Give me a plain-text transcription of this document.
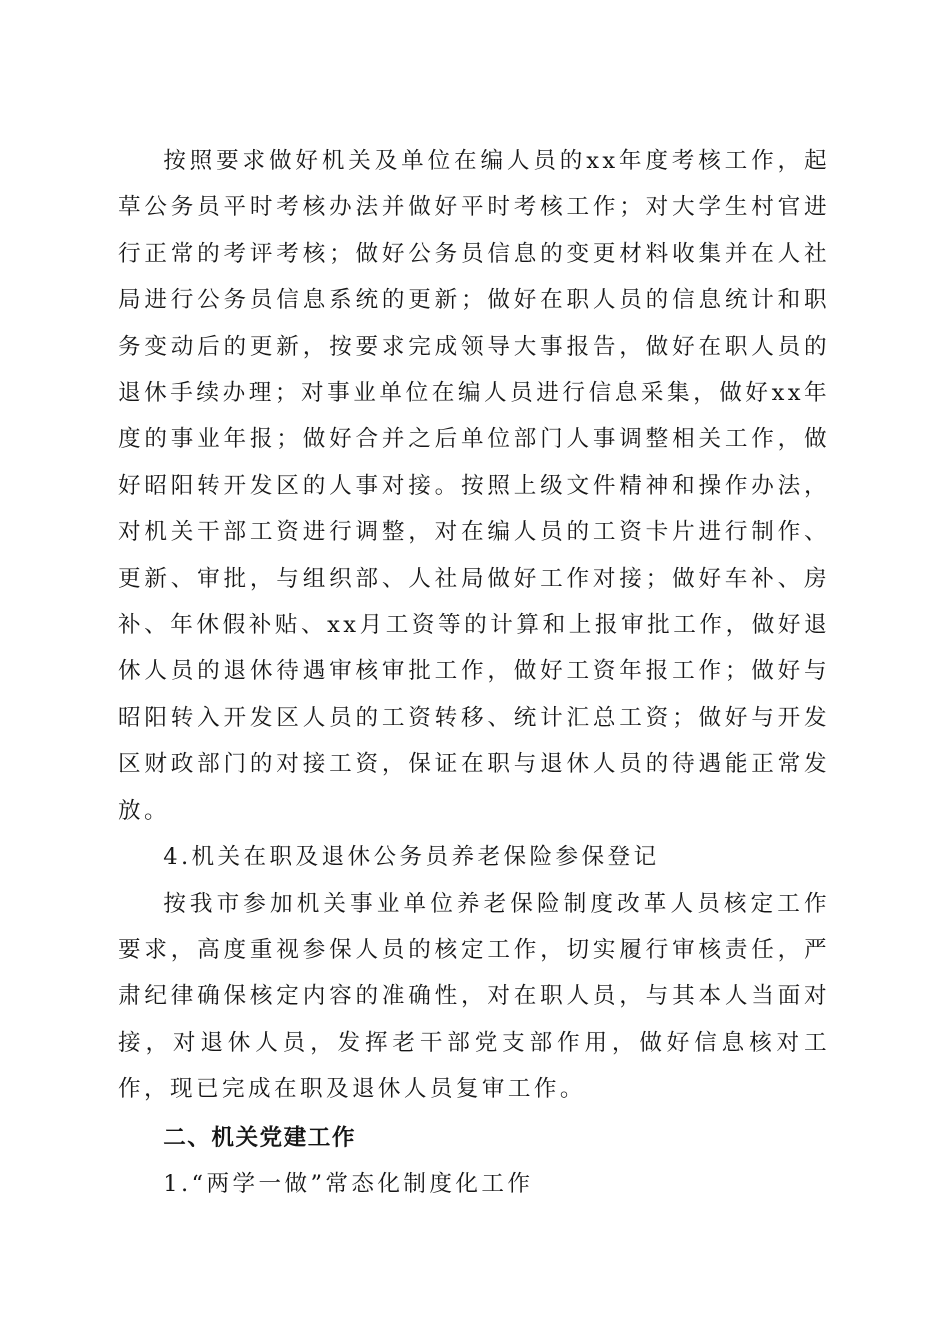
按照要求做好机关及单位在编人员的xx年度考核工作，起草公务员平时考核办法并做好平时考核工作；对大学生村官进行正常的考评考核；做好公务员信息的变更材料收集并在人社局进行公务员信息系统的更新；做好在职人员的信息统计和职务变动后的更新，按要求完成领导大事报告，做好在职人员的退休手续办理；对事业单位在编人员进行信息采集，做好xx年度的事业年报；做好合并之后单位部门人事调整相关工作，做好昭阳转开发区的人事对接。按照上级文件精神和操作办法，对机关干部工资进行调整，对在编人员的工资卡片进行制作、更新、审批，与组织部、人社局做好工作对接；做好车补、房补、年休假补贴、xx月工资等的计算和上报审批工作，做好退休人员的退休待遇审核审批工作，做好工资年报工作；做好与昭阳转入开发区人员的工资转移、统计汇总工资；做好与开发区财政部门的对接工资，保证在职与退休人员的待遇能正常发放。

4.机关在职及退休公务员养老保险参保登记

按我市参加机关事业单位养老保险制度改革人员核定工作要求，高度重视参保人员的核定工作，切实履行审核责任，严肃纪律确保核定内容的准确性，对在职人员，与其本人当面对接，对退休人员，发挥老干部党支部作用，做好信息核对工作，现已完成在职及退休人员复审工作。

二、机关党建工作

1.“两学一做”常态化制度化工作
